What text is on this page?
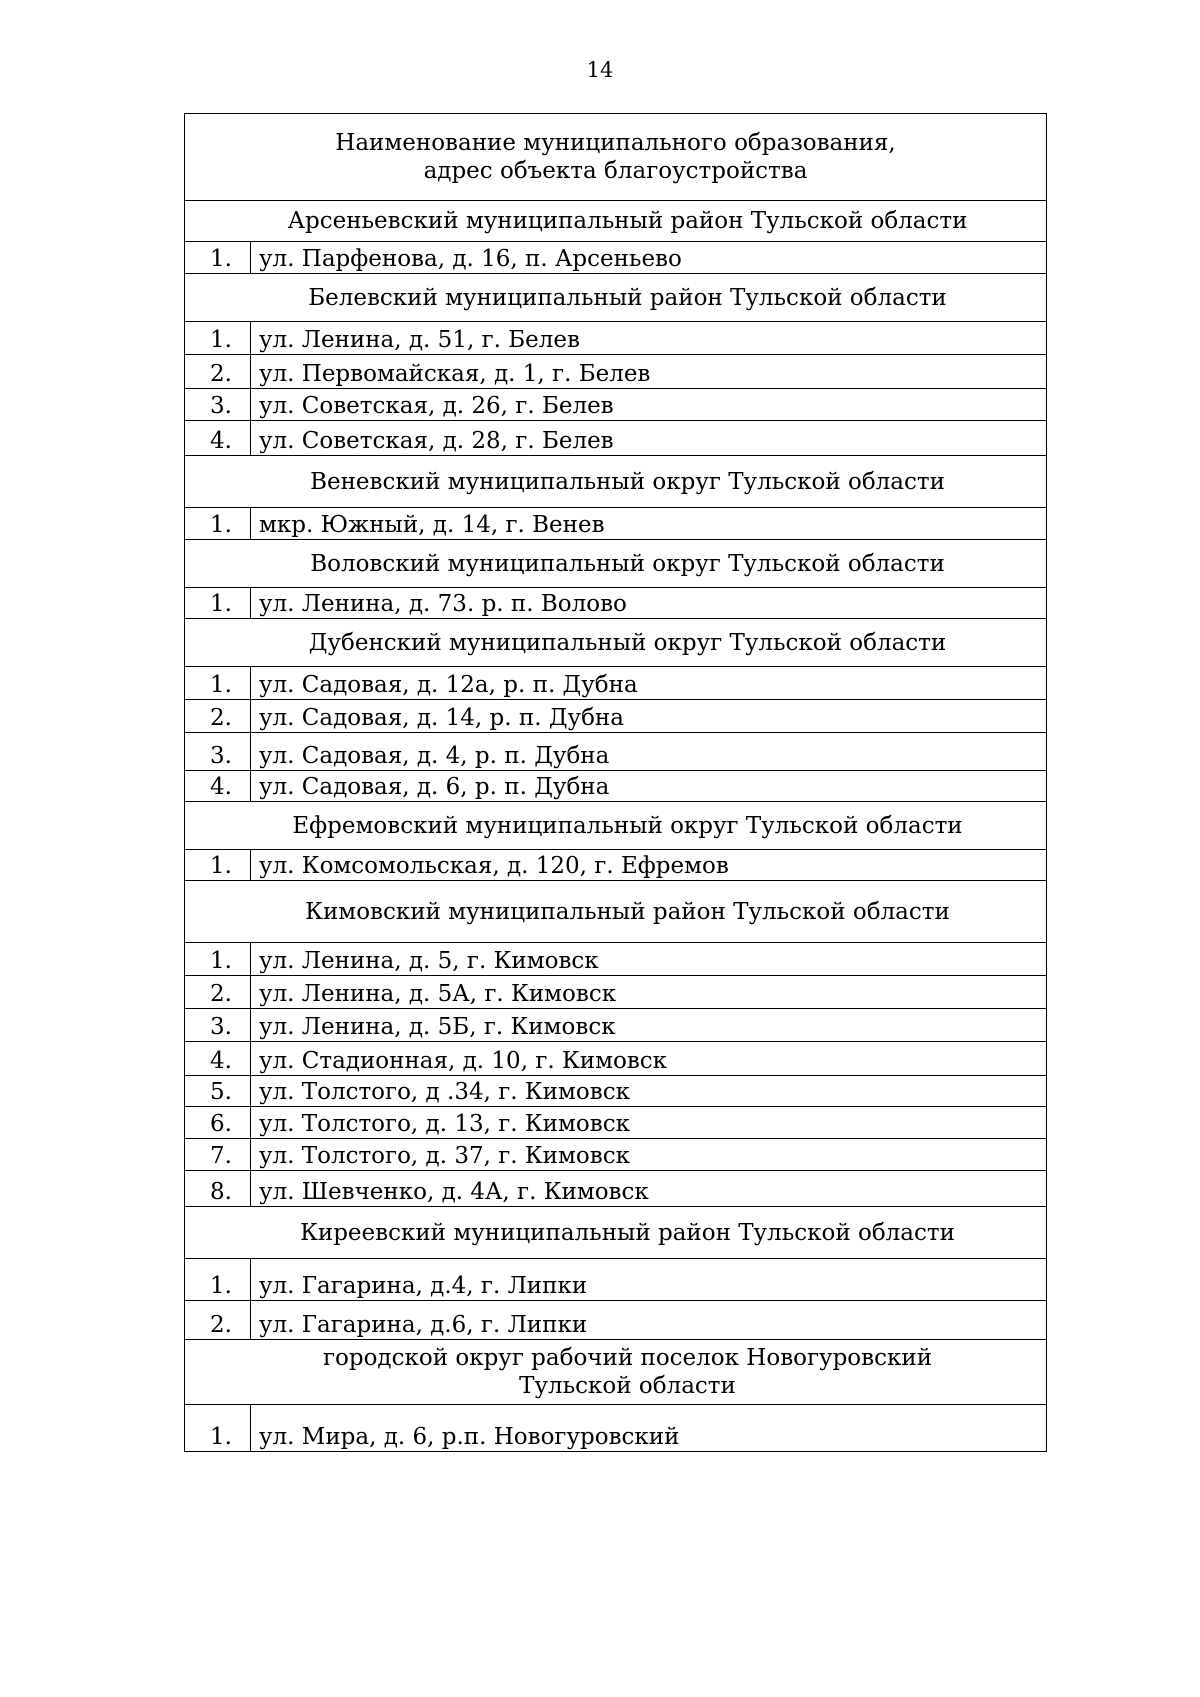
14
Наименование муниципального образования,
адрес объекта благоустройства	

Арсеньевский муниципальный район Тульской области	

1.	ул. Парфенова, д. 16, п. Арсеньево

Белевский муниципальный район Тульской области	

1.	ул. Ленина, д. 51, г. Белев
2.	ул. Первомайская, д. 1, г. Белев
3.	ул. Советская, д. 26, г. Белев
4.	ул. Советская, д. 28, г. Белев

Веневский муниципальный округ Тульской области	

1.	мкр. Южный, д. 14, г. Венев

Воловский муниципальный округ Тульской области	

1.	ул. Ленина, д. 73. р. п. Волово

Дубенский муниципальный округ Тульской области	

1.	ул. Садовая, д. 12а, р. п. Дубна
2.	ул. Садовая, д. 14, р. п. Дубна
3.	ул. Садовая, д. 4, р. п. Дубна
4.	ул. Садовая, д. 6, р. п. Дубна

Ефремовский муниципальный округ Тульской области	

1.	ул. Комсомольская, д. 120, г. Ефремов

Кимовский муниципальный район Тульской области	

1.	ул. Ленина, д. 5, г. Кимовск
2.	ул. Ленина, д. 5А, г. Кимовск
3.	ул. Ленина, д. 5Б, г. Кимовск
4.	ул. Стадионная, д. 10, г. Кимовск
5.	ул. Толстого, д .34, г. Кимовск
6.	ул. Толстого, д. 13, г. Кимовск
7.	ул. Толстого, д. 37, г. Кимовск
8.	ул. Шевченко, д. 4А, г. Кимовск

Киреевский муниципальный район Тульской области	

1.	ул. Гагарина, д.4, г. Липки
2.	ул. Гагарина, д.6, г. Липки

городской округ рабочий поселок Новогуровский
Тульской области	

1.	ул. Мира, д. 6, р.п. Новогуровский
